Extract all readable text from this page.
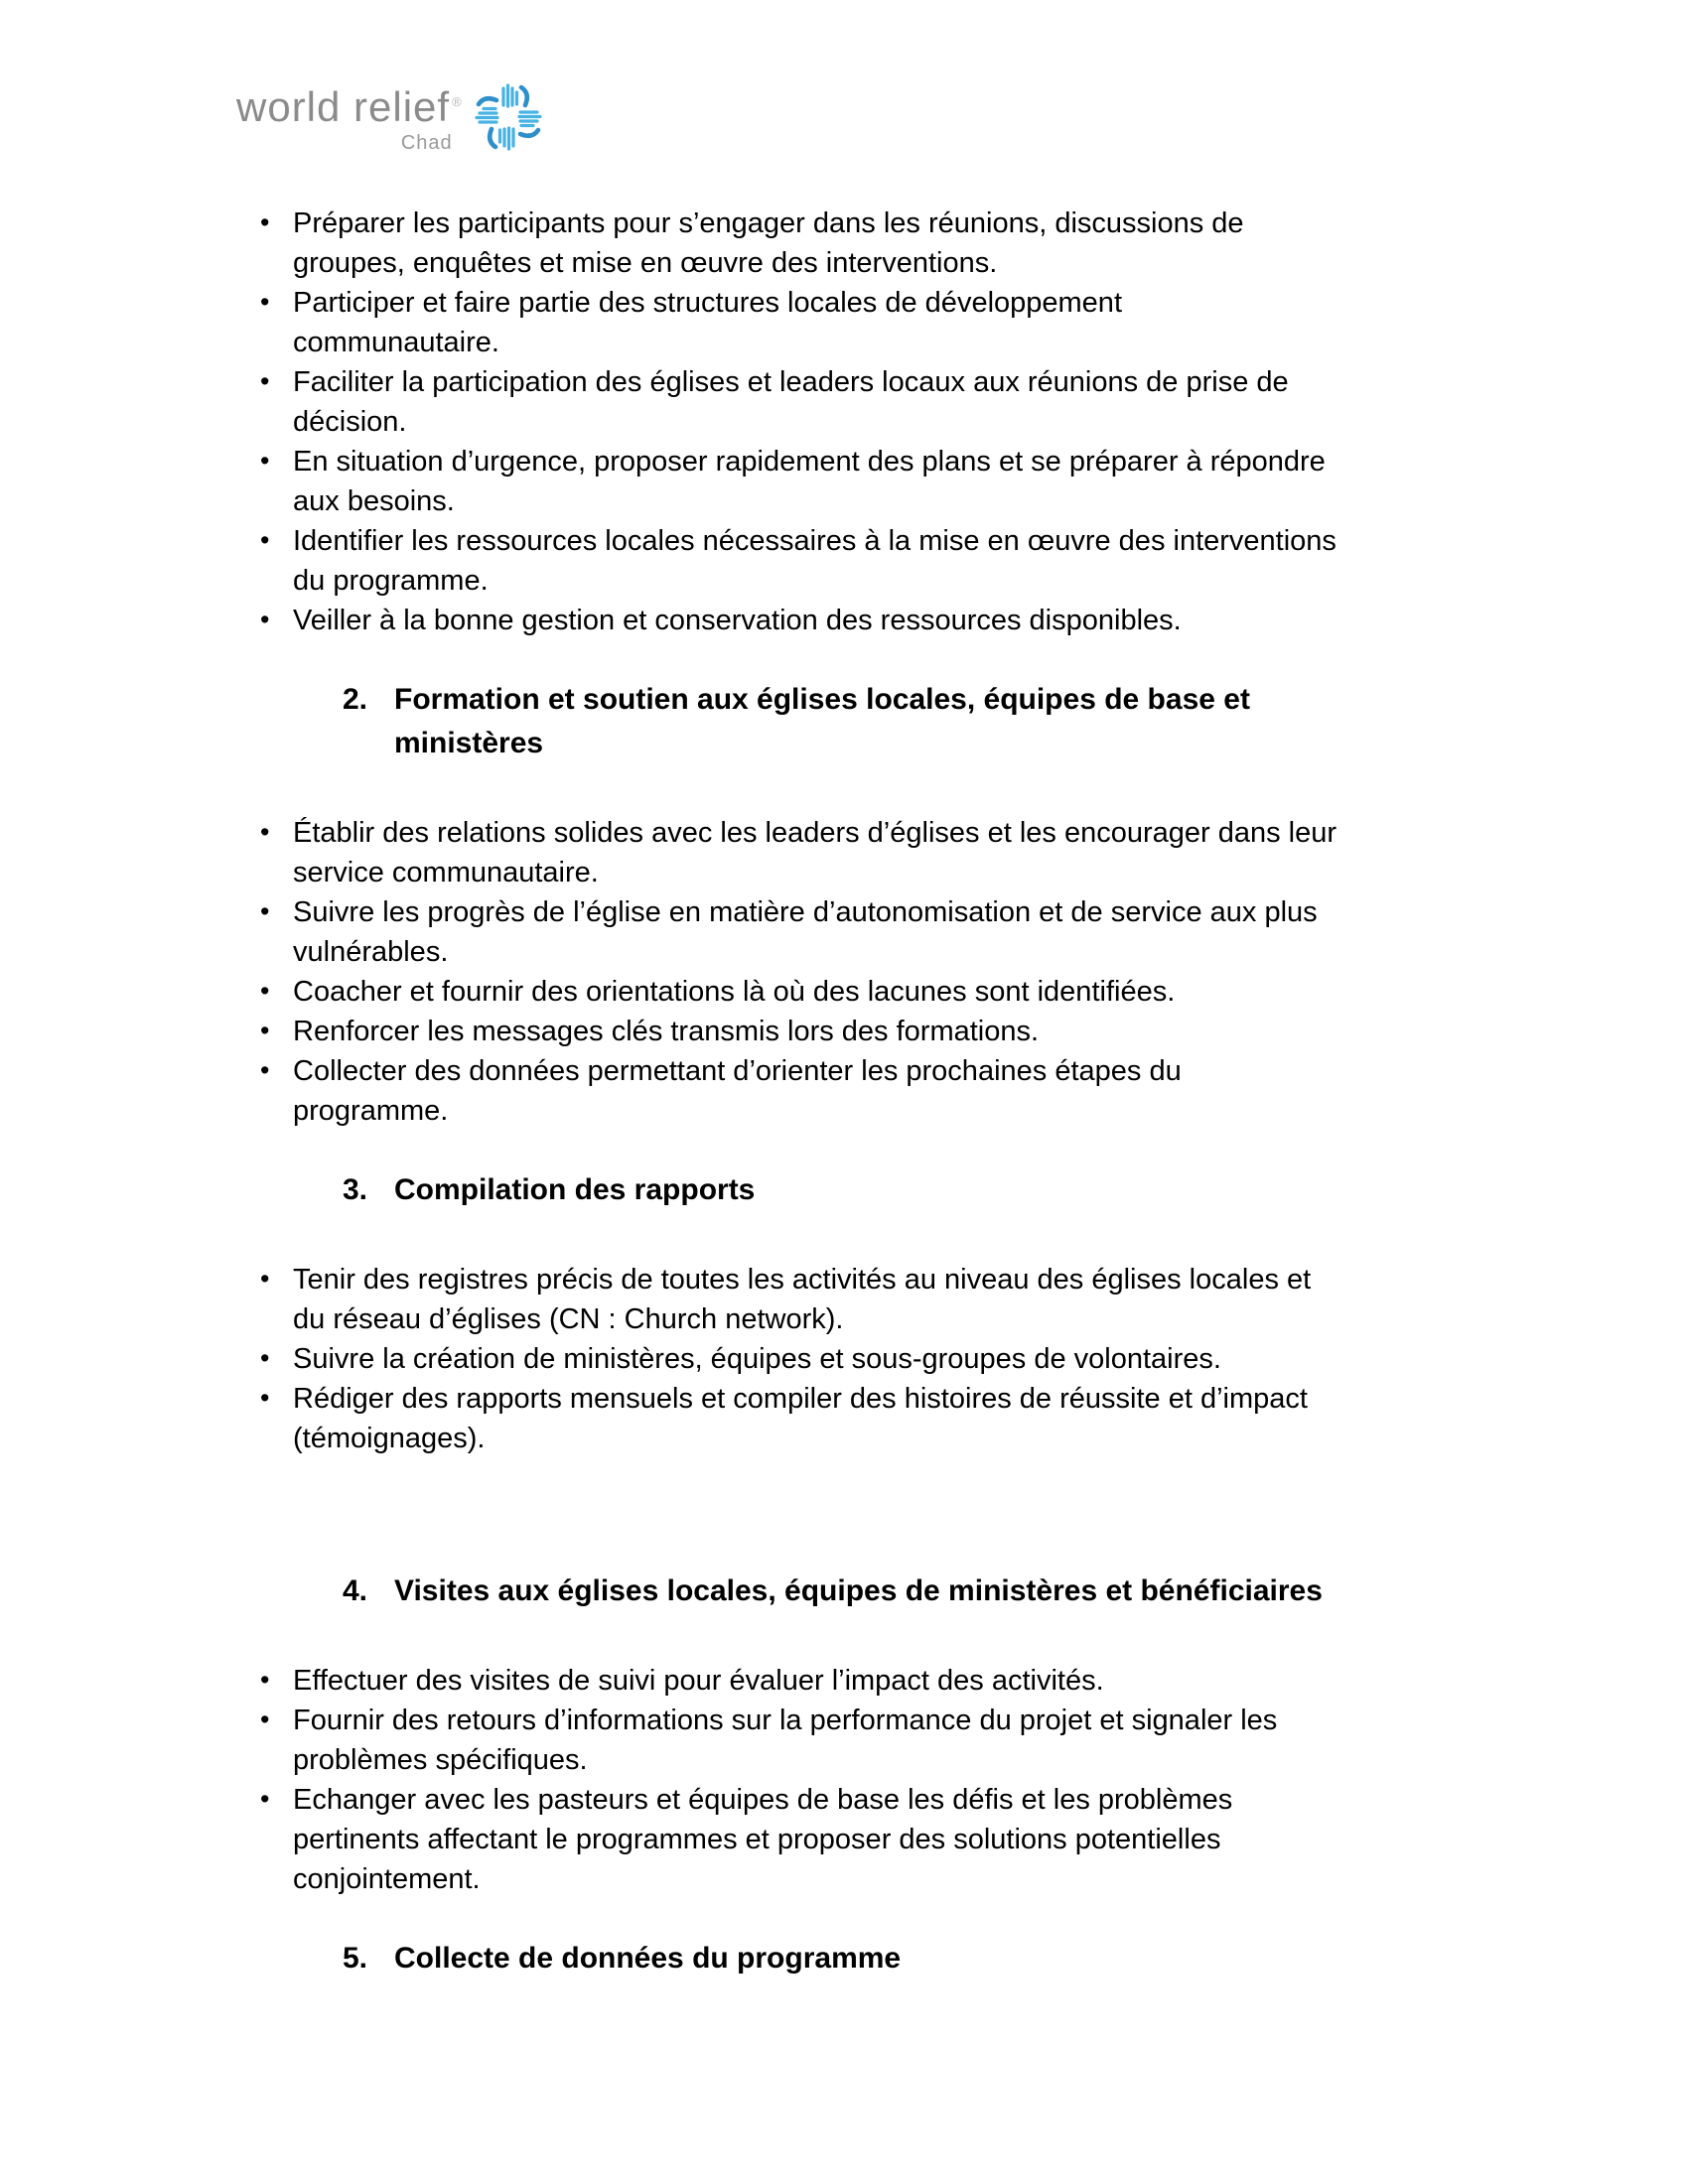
world relief ®
Chad
• Préparer les participants pour s’engager dans les réunions, discussions de
groupes, enquêtes et mise en œuvre des interventions.
• Participer et faire partie des structures locales de développement
communautaire.
• Faciliter la participation des églises et leaders locaux aux réunions de prise de
décision.
• En situation d’urgence, proposer rapidement des plans et se préparer à répondre
aux besoins.
• Identifier les ressources locales nécessaires à la mise en œuvre des interventions
du programme.
• Veiller à la bonne gestion et conservation des ressources disponibles.
2. Formation et soutien aux églises locales, équipes de base et
ministères
• Établir des relations solides avec les leaders d’églises et les encourager dans leur
service communautaire.
• Suivre les progrès de l’église en matière d’autonomisation et de service aux plus
vulnérables.
• Coacher et fournir des orientations là où des lacunes sont identifiées.
• Renforcer les messages clés transmis lors des formations.
• Collecter des données permettant d’orienter les prochaines étapes du
programme.
3. Compilation des rapports
• Tenir des registres précis de toutes les activités au niveau des églises locales et
du réseau d’églises (CN : Church network).
• Suivre la création de ministères, équipes et sous-groupes de volontaires.
• Rédiger des rapports mensuels et compiler des histoires de réussite et d’impact
(témoignages).
4. Visites aux églises locales, équipes de ministères et bénéficiaires
• Effectuer des visites de suivi pour évaluer l’impact des activités.
• Fournir des retours d’informations sur la performance du projet et signaler les
problèmes spécifiques.
• Echanger avec les pasteurs et équipes de base les défis et les problèmes
pertinents affectant le programmes et proposer des solutions potentielles
conjointement.
5. Collecte de données du programme
